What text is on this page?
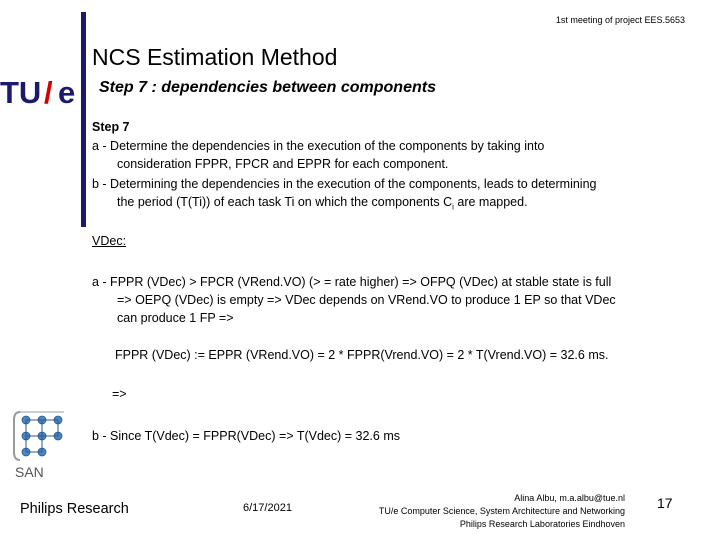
1st meeting of project EES.5653
TU / e
NCS Estimation Method
Step 7 : dependencies between components
Step 7
a - Determine the dependencies in the execution of the components by taking into
consideration FPPR, FPCR and EPPR for each component.
b - Determining the dependencies in the execution of the components, leads to determining
the period (T(Ti)) of each task Ti on which the components $C_i$ are mapped.
VDec:
a - FPPR (VDec) > FPCR (VRend.VO) (> = rate higher) => OFPQ (VDec) at stable state is full
=> OEPQ (VDec) is empty => VDec depends on VRend.VO to produce 1 EP so that VDec
can produce 1 FP =>
FPPR (VDec) := EPPR (VRend.VO) = 2 * FPPR(Vrend.VO) = 2 * T(Vrend.VO) = 32.6 ms.
=>
b - Since T(Vdec) = FPPR(VDec) => T(Vdec) = 32.6 ms
SAN
Philips Research	6/17/2021
Alina Albu, m.a.albu@tue.nl
TU/e Computer Science, System Architecture and Networking
Philips Research Laboratories Eindhoven
17
